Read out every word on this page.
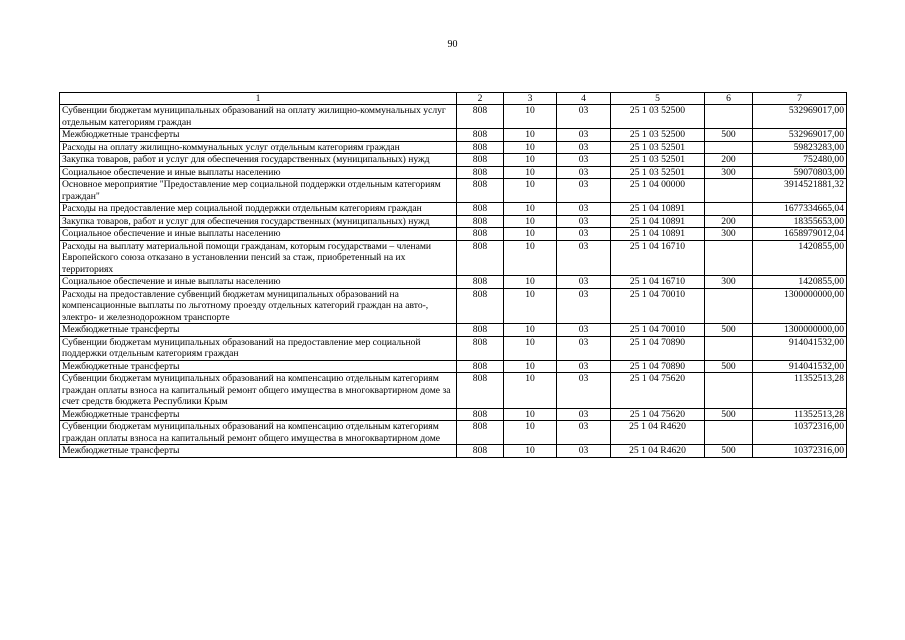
90
1	2	3	4	5	6	7
Субвенции бюджетам муниципальных образований на оплату жилищно-коммунальных услуг отдельным категориям граждан	808	10	03	25 1 03 52500		532969017,00
Межбюджетные трансферты	808	10	03	25 1 03 52500	500	532969017,00
Расходы на оплату жилищно-коммунальных услуг отдельным категориям граждан	808	10	03	25 1 03 52501		59823283,00
Закупка товаров, работ и услуг для обеспечения государственных (муниципальных) нужд	808	10	03	25 1 03 52501	200	752480,00
Социальное обеспечение и иные выплаты населению	808	10	03	25 1 03 52501	300	59070803,00
Основное мероприятие "Предоставление мер социальной поддержки отдельным категориям граждан"	808	10	03	25 1 04 00000		3914521881,32
Расходы на предоставление мер социальной поддержки отдельным категориям граждан	808	10	03	25 1 04 10891		1677334665,04
Закупка товаров, работ и услуг для обеспечения государственных (муниципальных) нужд	808	10	03	25 1 04 10891	200	18355653,00
Социальное обеспечение и иные выплаты населению	808	10	03	25 1 04 10891	300	1658979012,04
Расходы на выплату материальной помощи гражданам, которым государствами – членами Европейского союза отказано в установлении пенсий за стаж, приобретенный на их территориях	808	10	03	25 1 04 16710		1420855,00
Социальное обеспечение и иные выплаты населению	808	10	03	25 1 04 16710	300	1420855,00
Расходы на предоставление субвенций бюджетам муниципальных образований на компенсационные выплаты по льготному проезду отдельных категорий граждан на авто-, электро- и железнодорожном транспорте	808	10	03	25 1 04 70010		1300000000,00
Межбюджетные трансферты	808	10	03	25 1 04 70010	500	1300000000,00
Субвенции бюджетам муниципальных образований на предоставление мер социальной поддержки отдельным категориям граждан	808	10	03	25 1 04 70890		914041532,00
Межбюджетные трансферты	808	10	03	25 1 04 70890	500	914041532,00
Субвенции бюджетам муниципальных образований на компенсацию отдельным категориям граждан оплаты взноса на капитальный ремонт общего имущества в многоквартирном доме за счет средств бюджета Республики Крым	808	10	03	25 1 04 75620		11352513,28
Межбюджетные трансферты	808	10	03	25 1 04 75620	500	11352513,28
Субвенции бюджетам муниципальных образований на компенсацию отдельным категориям граждан оплаты взноса на капитальный ремонт общего имущества в многоквартирном доме	808	10	03	25 1 04 R4620		10372316,00
Межбюджетные трансферты	808	10	03	25 1 04 R4620	500	10372316,00
